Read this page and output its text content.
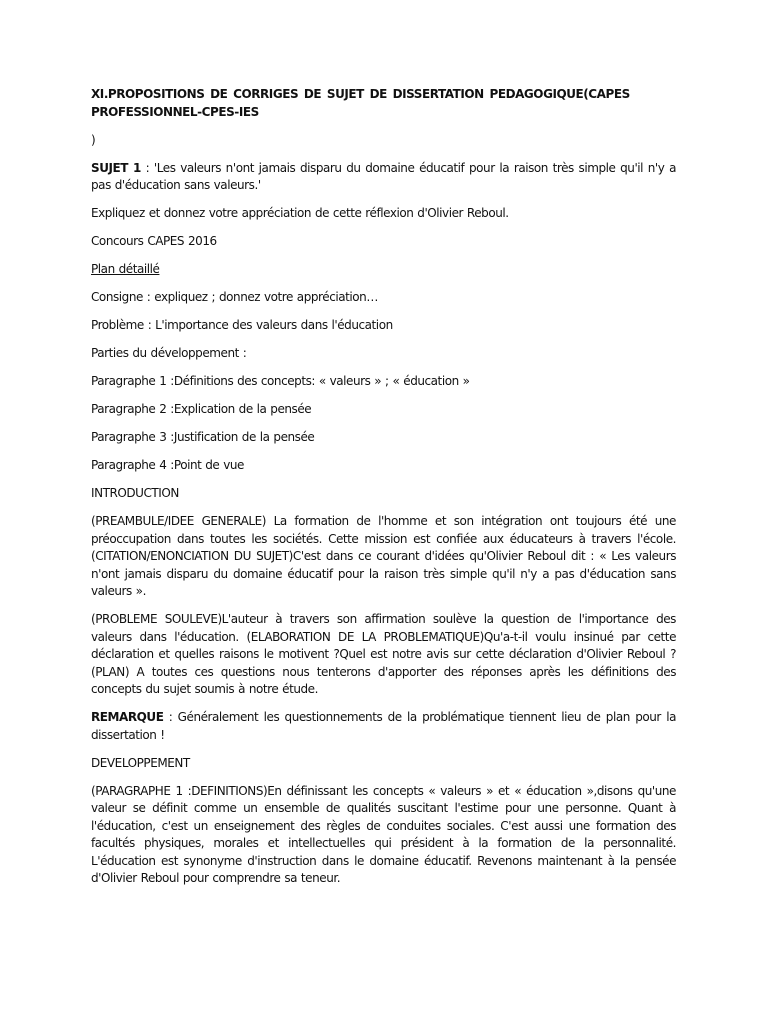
XI.PROPOSITIONS DE CORRIGES DE SUJET DE DISSERTATION PEDAGOGIQUE(CAPES
PROFESSIONNEL-CPES-IES

)

SUJET 1 : 'Les valeurs n'ont jamais disparu du domaine éducatif pour la raison très simple qu'il n'y a pas d'éducation sans valeurs.'

Expliquez et donnez votre appréciation de cette réflexion d'Olivier Reboul.

Concours CAPES 2016

Plan détaillé

Consigne : expliquez ; donnez votre appréciation…

Problème : L'importance des valeurs dans l'éducation

Parties du développement :

Paragraphe 1 :Définitions des concepts: « valeurs » ; « éducation »

Paragraphe 2 :Explication de la pensée

Paragraphe 3 :Justification de la pensée

Paragraphe 4 :Point de vue

INTRODUCTION

(PREAMBULE/IDEE GENERALE) La formation de l'homme et son intégration ont toujours été une préoccupation dans toutes les sociétés. Cette mission est confiée aux éducateurs à travers l'école. (CITATION/ENONCIATION DU SUJET)C'est dans ce courant d'idées qu'Olivier Reboul dit : « Les valeurs n'ont jamais disparu du domaine éducatif pour la raison très simple qu'il n'y a pas d'éducation sans valeurs ».

(PROBLEME SOULEVE)L'auteur à travers son affirmation soulève la question de l'importance des valeurs dans l'éducation. (ELABORATION DE LA PROBLEMATIQUE)Qu'a-t-il voulu insinué par cette déclaration et quelles raisons le motivent ?Quel est notre avis sur cette déclaration d'Olivier Reboul ?(PLAN) A toutes ces questions nous tenterons d'apporter des réponses après les définitions des concepts du sujet soumis à notre étude.

REMARQUE : Généralement les questionnements de la problématique tiennent lieu de plan pour la dissertation !

DEVELOPPEMENT

(PARAGRAPHE 1 :DEFINITIONS)En définissant les concepts « valeurs » et « éducation »,disons qu'une valeur se définit comme un ensemble de qualités suscitant l'estime pour une personne. Quant à l'éducation, c'est un enseignement des règles de conduites sociales. C'est aussi une formation des facultés physiques, morales et intellectuelles qui président à la formation de la personnalité. L'éducation est synonyme d'instruction dans le domaine éducatif. Revenons maintenant à la pensée d'Olivier Reboul pour comprendre sa teneur.
